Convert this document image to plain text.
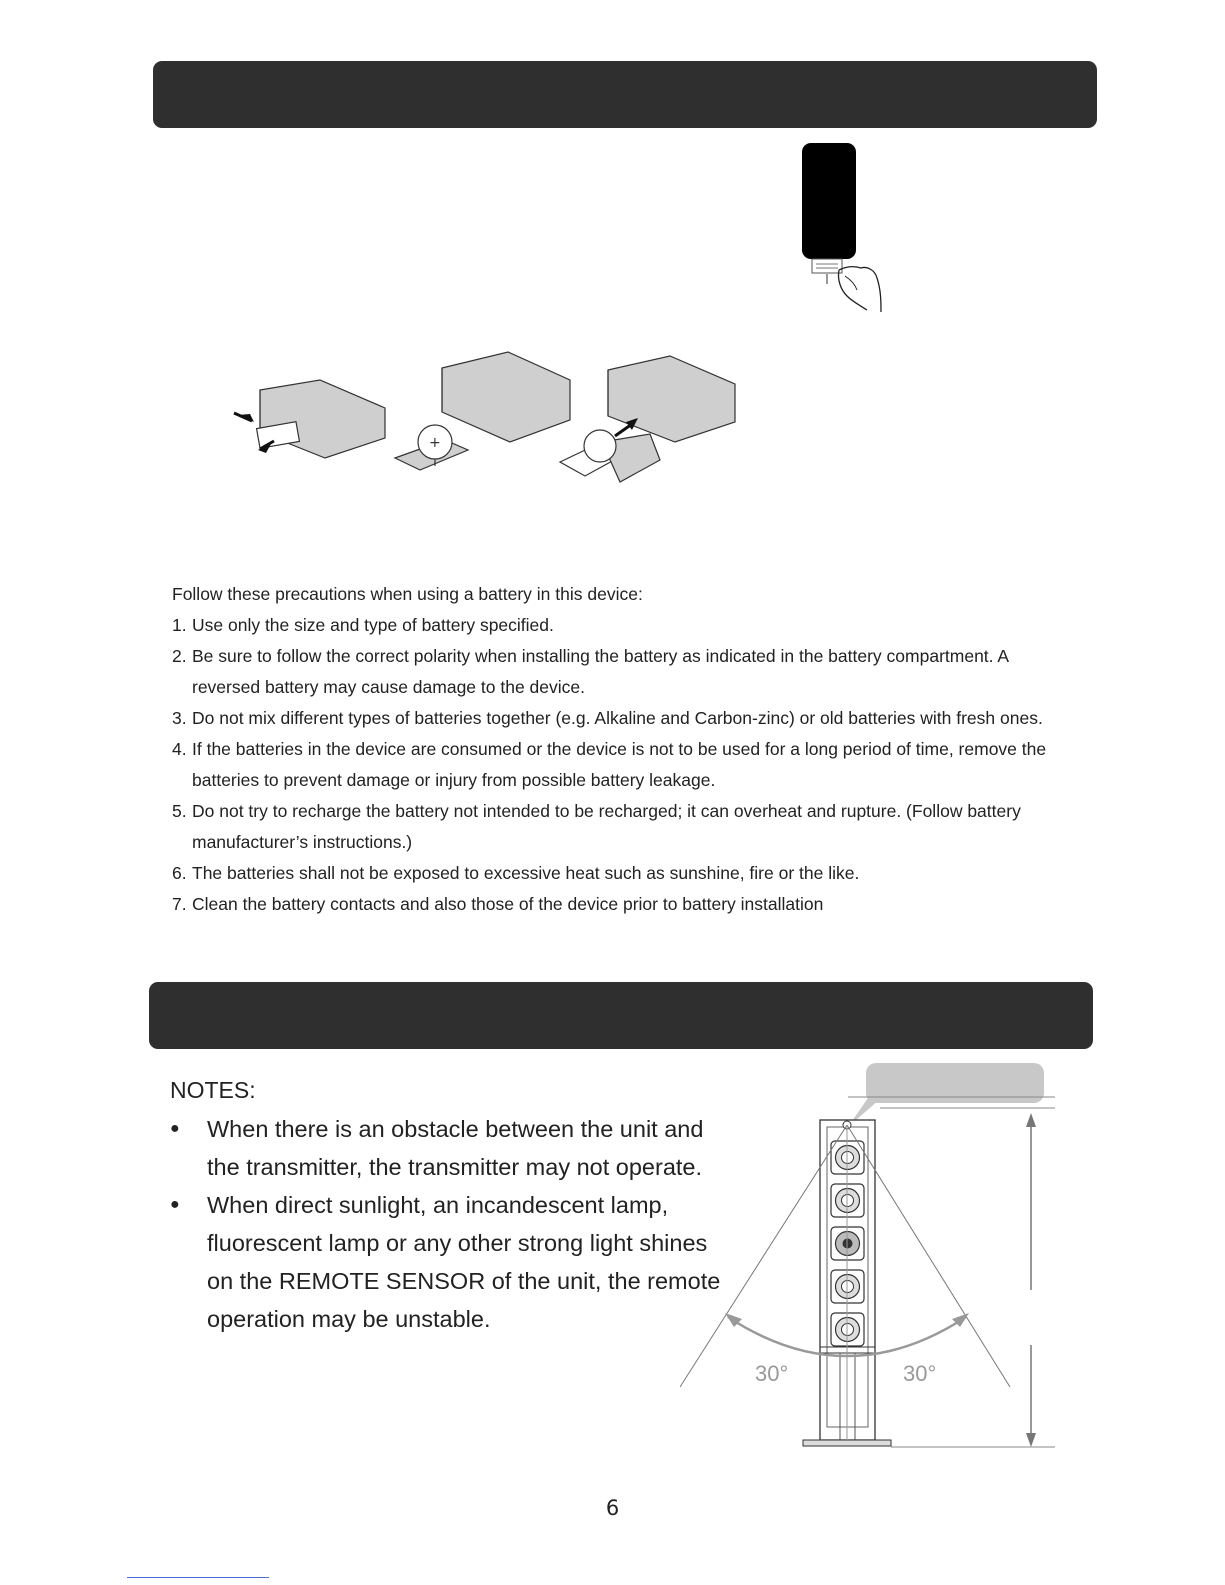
+

Follow these precautions when using a battery in this device:

1. Use only the size and type of battery specified.
2. Be sure to follow the correct polarity when installing the battery as indicated in the battery compartment. A reversed battery may cause damage to the device.
3. Do not mix different types of batteries together (e.g. Alkaline and Carbon-zinc) or old batteries with fresh ones.
4. If the batteries in the device are consumed or the device is not to be used for a long period of time, remove the batteries to prevent damage or injury from possible battery leakage.
5. Do not try to recharge the battery not intended to be recharged; it can overheat and rupture. (Follow battery manufacturer’s instructions.)
6. The batteries shall not be exposed to excessive heat such as sunshine, fire or the like.
7. Clean the battery contacts and also those of the device prior to battery installation

NOTES:

● When there is an obstacle between the unit and the transmitter, the transmitter may not operate.
● When direct sunlight, an incandescent lamp, fluorescent lamp or any other strong light shines on the REMOTE SENSOR of the unit, the remote operation may be unstable.
30°	30°
6
